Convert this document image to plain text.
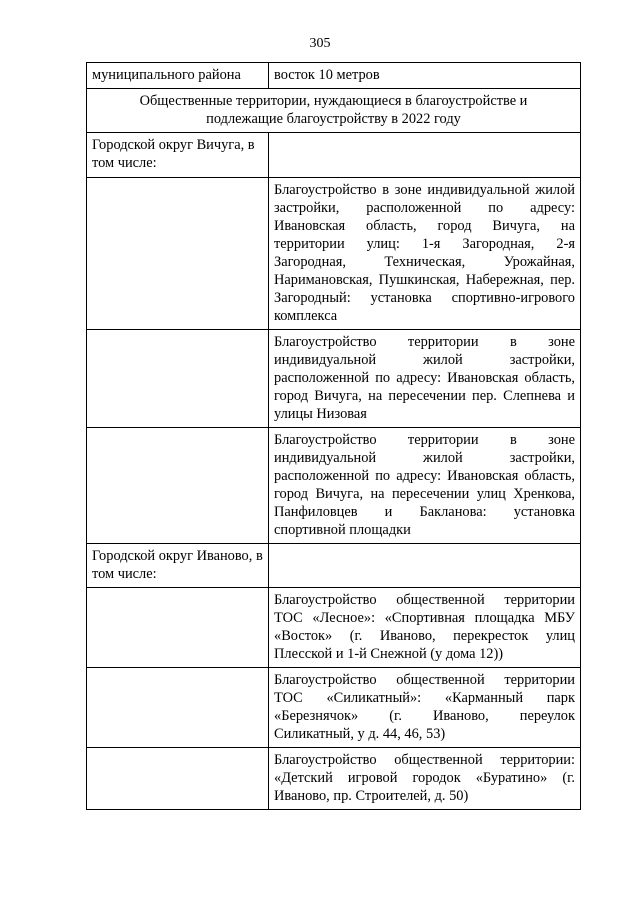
305
муниципального района	восток 10 метров
Общественные территории, нуждающиеся в благоустройстве и подлежащие благоустройству в 2022 году	
Городской округ Вичуга, в том числе:	
	Благоустройство в зоне индивидуальной жилой застройки, расположенной по адресу: Ивановская область, город Вичуга, на территории улиц: 1-я Загородная, 2-я Загородная, Техническая, Урожайная, Наримановская, Пушкинская, Набережная, пер. Загородный: установка спортивно-игрового комплекса
	Благоустройство территории в зоне индивидуальной жилой застройки, расположенной по адресу: Ивановская область, город Вичуга, на пересечении пер. Слепнева и улицы Низовая
	Благоустройство территории в зоне индивидуальной жилой застройки, расположенной по адресу: Ивановская область, город Вичуга, на пересечении улиц Хренкова, Панфиловцев и Бакланова: установка спортивной площадки
Городской округ Иваново, в том числе:	
	Благоустройство общественной территории ТОС «Лесное»: «Спортивная площадка МБУ «Восток» (г. Иваново, перекресток улиц Плесской и 1-й Снежной (у дома 12))
	Благоустройство общественной территории ТОС «Силикатный»: «Карманный парк «Березнячок» (г. Иваново, переулок Силикатный, у д. 44, 46, 53)
	Благоустройство общественной территории: «Детский игровой городок «Буратино» (г. Иваново, пр. Строителей, д. 50)
